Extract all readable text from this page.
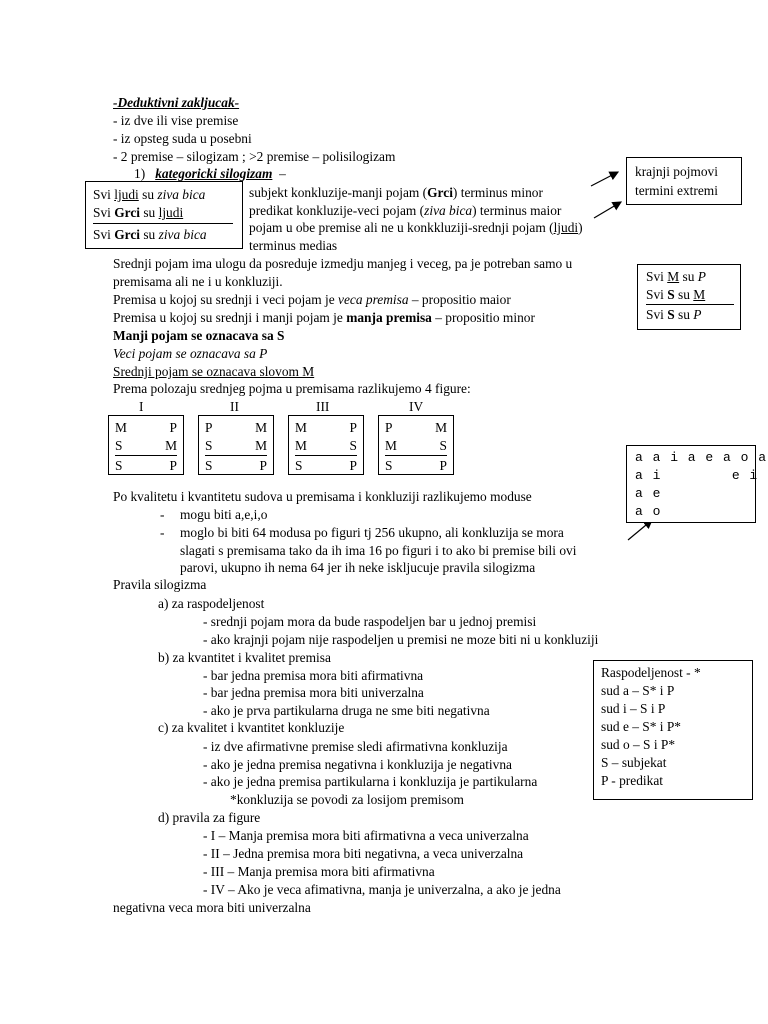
-Deduktivni zakljucak-
- iz dve ili vise premise
- iz opsteg suda u posebni
- 2 premise – silogizam ; >2 premise – polisilogizam
1) kategoricki silogizam –
Svi ljudi su ziva bica
Svi Grci su ljudi
Svi Grci su ziva bica
subjekt konkluzije-manji pojam (Grci) terminus minor
predikat konkluzije-veci pojam (ziva bica) terminus maior
pojam u obe premise ali ne u konkkluziji-srednji pojam (ljudi)
terminus medias
krajnji pojmovi
termini extremi
Srednji pojam ima ulogu da posreduje izmedju manjeg i veceg, pa je potreban samo u
premisama ali ne i u konkluziji.
Premisa u kojoj su srednji i veci pojam je veca premisa – propositio maior
Premisa u kojoj su srednji i manji pojam je manja premisa – propositio minor
Manji pojam se oznacava sa S
Veci pojam se oznacava sa P
Srednji pojam se oznacava slovom M
Prema polozaju srednjeg pojma u premisama razlikujemo 4 figure:
Svi M su P
Svi S su M
Svi S su P
I	II	III	IV
M	P
S	M
S	P
P	M
S	M
S	P
M	P
M	S
S	P
P	M
M	S
S	P
a a i a e a o a
a i        e i
a e
a o
Po kvalitetu i kvantitetu sudova u premisama i konkluziji razlikujemo moduse
- mogu biti a,e,i,o
- moglo bi biti 64 modusa po figuri tj 256 ukupno, ali konkluzija se mora
slagati s premisama tako da ih ima 16 po figuri i to ako bi premise bili ovi
parovi, ukupno ih nema 64 jer ih neke iskljucuje pravila silogizma
Pravila silogizma
a) za raspodeljenost
- srednji pojam mora da bude raspodeljen bar u jednoj premisi
- ako krajnji pojam nije raspodeljen u premisi ne moze biti ni u konkluziji
b) za kvantitet i kvalitet premisa
- bar jedna premisa mora biti afirmativna
- bar jedna premisa mora biti univerzalna
- ako je prva partikularna druga ne sme biti negativna
c) za kvalitet i kvantitet konkluzije
- iz dve afirmativne premise sledi afirmativna konkluzija
- ako je jedna premisa negativna i konkluzija je negativna
- ako je jedna premisa partikularna i konkluzija je partikularna
*konkluzija se povodi za losijom premisom
d) pravila za figure
- I – Manja premisa mora biti afirmativna a veca univerzalna
- II – Jedna premisa mora biti negativna, a veca univerzalna
- III – Manja premisa mora biti afirmativna
- IV – Ako je veca afimativna, manja je univerzalna, a ako je jedna
negativna veca mora biti univerzalna
Raspodeljenost - *
sud a – S* i P
sud i – S i P
sud e – S* i P*
sud o – S i P*
S – subjekat
P - predikat
